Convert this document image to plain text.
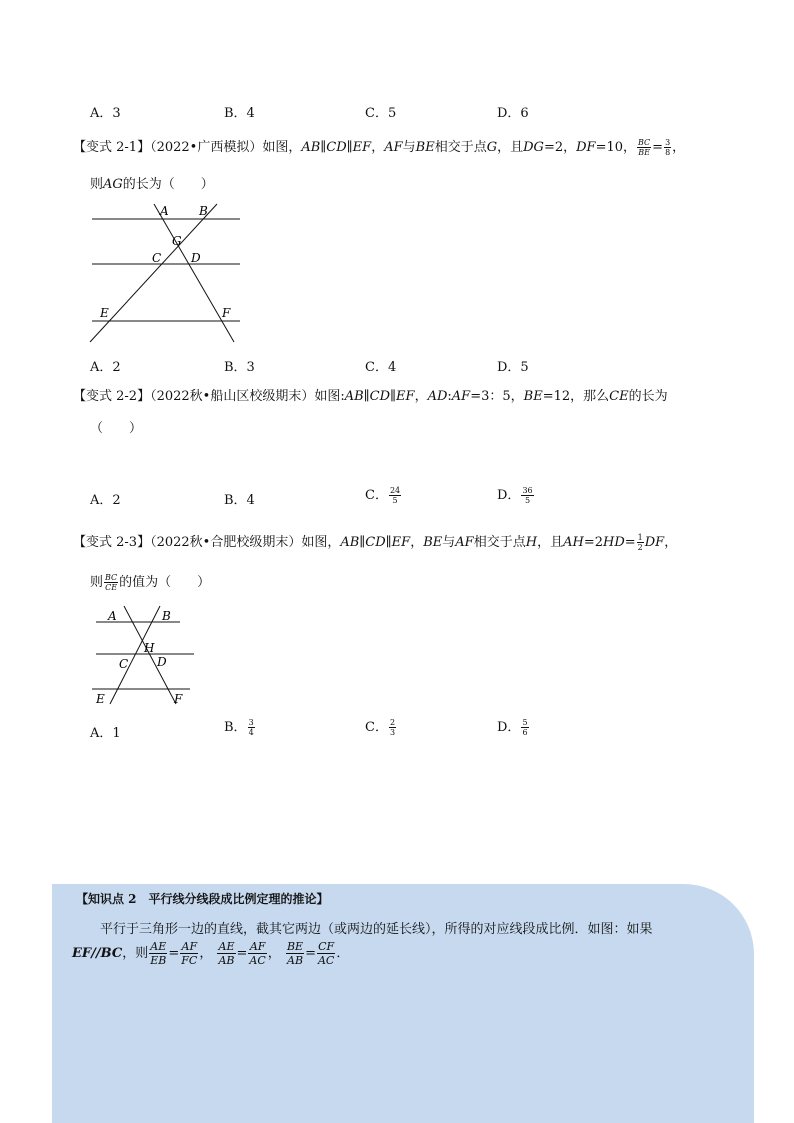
A．3	B．4	C．5	D．6
【变式 2-1】（2022•广西模拟）如图，AB∥CD∥EF，AF与BE相交于点G，且DG=2，DF=10， $\frac{BC}{BE} = \frac{3}{8}$ ，
则AG的长为（　　）
A	B
G
C D
E	F
A．2	B．3	C．4	D．5
【变式 2-2】（2022秋•船山区校级期末）如图:AB∥CD∥EF，AD:AF=3：5，BE=12，那么CE的长为
（　　）
A．2	B．4	C． $\frac{24}{5}$	D． $\frac{36}{5}$
【变式 2-3】（2022秋•合肥校级期末）如图，AB∥CD∥EF，BE与AF相交于点H，且$AH=2HD= \frac{1}{2}$ DF，
则 $\frac{BC}{CE}$ 的值为（　　）
A	B
H
C D
E	F
A．1	B． $\frac{3}{4}$	C． $\frac{2}{3}$	D． $\frac{5}{6}$
【知识点 2　平行线分线段成比例定理的推论】
平行于三角形一边的直线，截其它两边（或两边的延长线），所得的对应线段成比例．如图：如果
EF//BC，则 $\frac{AE}{EB} = \frac{AF}{FC}$ ， $\frac{AE}{AB} = \frac{AF}{AC}$ ， $\frac{BE}{AB} = \frac{CF}{AC}$ ．
